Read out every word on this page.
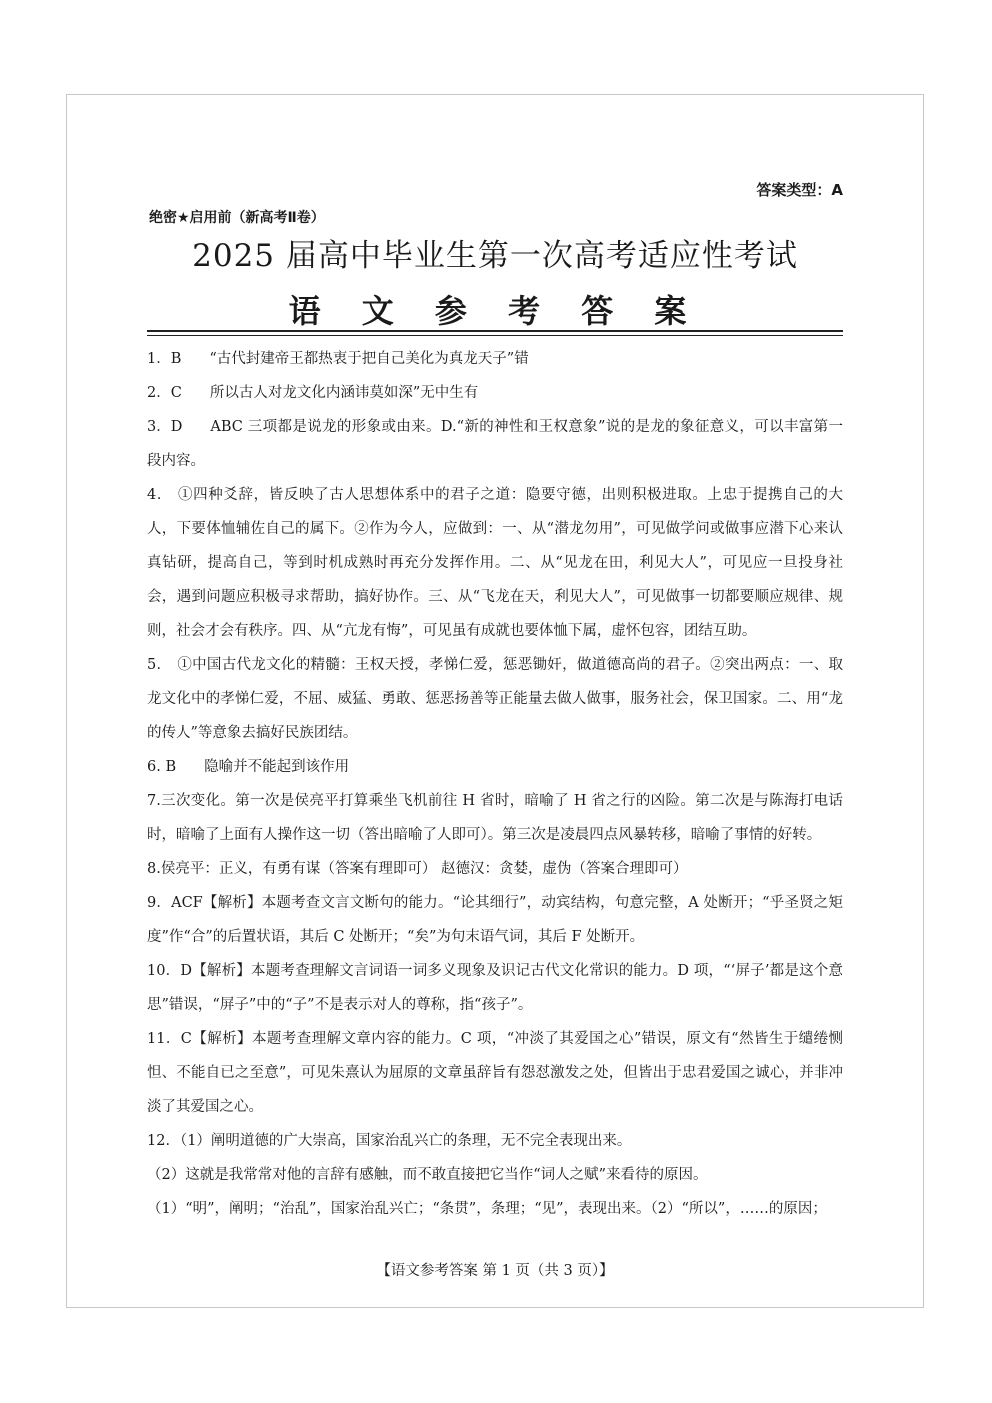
答案类型：A
绝密★启用前（新高考Ⅱ卷）
2025 届高中毕业生第一次高考适应性考试
语 文 参 考 答 案

1．B “古代封建帝王都热衷于把自己美化为真龙天子”错

2．C 所以古人对龙文化内涵讳莫如深”无中生有

3．D ABC 三项都是说龙的形象或由来。D.“新的神性和王权意象”说的是龙的象征意义，可以丰富第一段内容。

4． ①四种爻辞，皆反映了古人思想体系中的君子之道：隐要守德，出则积极进取。上忠于提携自己的大人，下要体恤辅佐自己的属下。②作为今人，应做到：一、从“潜龙勿用”，可见做学问或做事应潜下心来认真钻研，提高自己，等到时机成熟时再充分发挥作用。二、从“见龙在田，利见大人”，可见应一旦投身社会，遇到问题应积极寻求帮助，搞好协作。三、从“飞龙在天，利见大人”，可见做事一切都要顺应规律、规则，社会才会有秩序。四、从“亢龙有悔”，可见虽有成就也要体恤下属，虚怀包容，团结互助。

5． ①中国古代龙文化的精髓：王权天授，孝悌仁爱，惩恶锄奸，做道德高尚的君子。②突出两点：一、取龙文化中的孝悌仁爱，不屈、威猛、勇敢、惩恶扬善等正能量去做人做事，服务社会，保卫国家。二、用“龙的传人”等意象去搞好民族团结。

6. B 隐喻并不能起到该作用

7.三次变化。第一次是侯亮平打算乘坐飞机前往 H 省时，暗喻了 H 省之行的凶险。第二次是与陈海打电话时，暗喻了上面有人操作这一切（答出暗喻了人即可）。第三次是凌晨四点风暴转移，暗喻了事情的好转。

8.侯亮平：正义，有勇有谋（答案有理即可） 赵德汉：贪婪，虚伪（答案合理即可）

9．ACF【解析】本题考查文言文断句的能力。“论其细行”，动宾结构，句意完整，A 处断开；“乎圣贤之矩度”作“合”的后置状语，其后 C 处断开；“矣”为句末语气词，其后 F 处断开。

10．D【解析】本题考查理解文言词语一词多义现象及识记古代文化常识的能力。D 项，“‘屏子’都是这个意思”错误，“屏子”中的“子”不是表示对人的尊称，指“孩子”。

11．C【解析】本题考查理解文章内容的能力。C 项，“冲淡了其爱国之心”错误，原文有“然皆生于缱绻恻怛、不能自已之至意”，可见朱熹认为屈原的文章虽辞旨有怨怼激发之处，但皆出于忠君爱国之诚心，并非冲淡了其爱国之心。

12．（1）阐明道德的广大崇高，国家治乱兴亡的条理，无不完全表现出来。

（2）这就是我常常对他的言辞有感触，而不敢直接把它当作“词人之赋”来看待的原因。

（1）“明”，阐明；“治乱”，国家治乱兴亡；“条贯”，条理；“见”，表现出来。（2）“所以”，……的原因；

【语文参考答案 第 1 页（共 3 页）】
